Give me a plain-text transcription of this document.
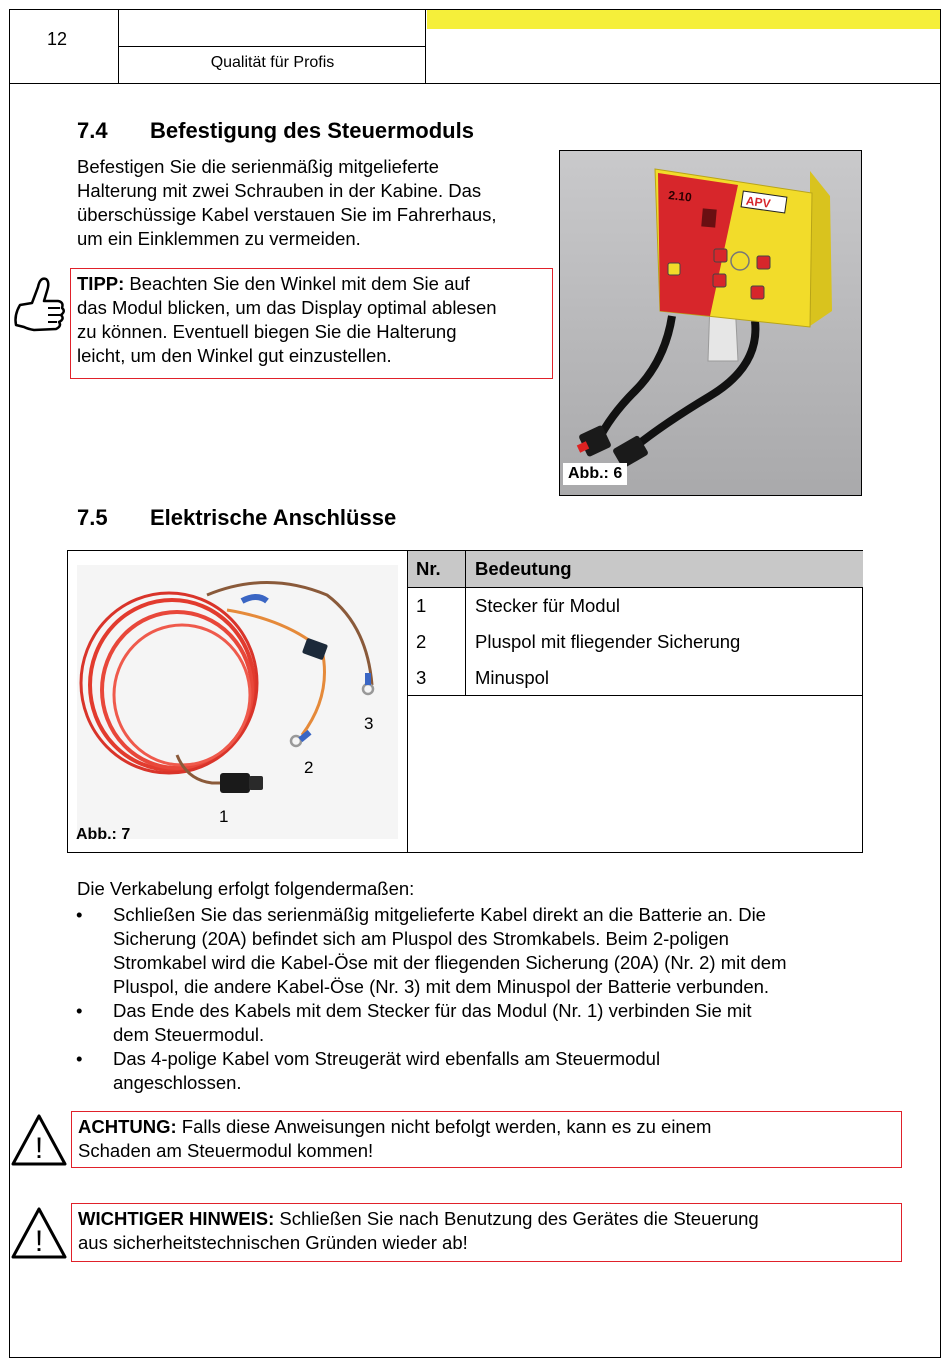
12
Qualität für Profis
7.4 Befestigung des Steuermoduls
Befestigen Sie die serienmäßig mitgelieferte
Halterung mit zwei Schrauben in der Kabine. Das
überschüssige Kabel verstauen Sie im Fahrerhaus,
um ein Einklemmen zu vermeiden.
TIPP: Beachten Sie den Winkel mit dem Sie auf
das Modul blicken, um das Display optimal ablesen
zu können. Eventuell biegen Sie die Halterung
leicht, um den Winkel gut einzustellen.
2.10	APV
Abb.: 6
7.5 Elektrische Anschlüsse
1
2
3
Abb.: 7
Nr. Bedeutung
1	Stecker für Modul
2	Pluspol mit fliegender Sicherung
3	Minuspol
Die Verkabelung erfolgt folgendermaßen:
• Schließen Sie das serienmäßig mitgelieferte Kabel direkt an die Batterie an. Die
Sicherung (20A) befindet sich am Pluspol des Stromkabels. Beim 2-poligen
Stromkabel wird die Kabel-Öse mit der fliegenden Sicherung (20A) (Nr. 2) mit dem
Pluspol, die andere Kabel-Öse (Nr. 3) mit dem Minuspol der Batterie verbunden.
• Das Ende des Kabels mit dem Stecker für das Modul (Nr. 1) verbinden Sie mit
dem Steuermodul.
• Das 4-polige Kabel vom Streugerät wird ebenfalls am Steuermodul
angeschlossen.
!
ACHTUNG: Falls diese Anweisungen nicht befolgt werden, kann es zu einem
Schaden am Steuermodul kommen!
!
WICHTIGER HINWEIS: Schließen Sie nach Benutzung des Gerätes die Steuerung
aus sicherheitstechnischen Gründen wieder ab!
